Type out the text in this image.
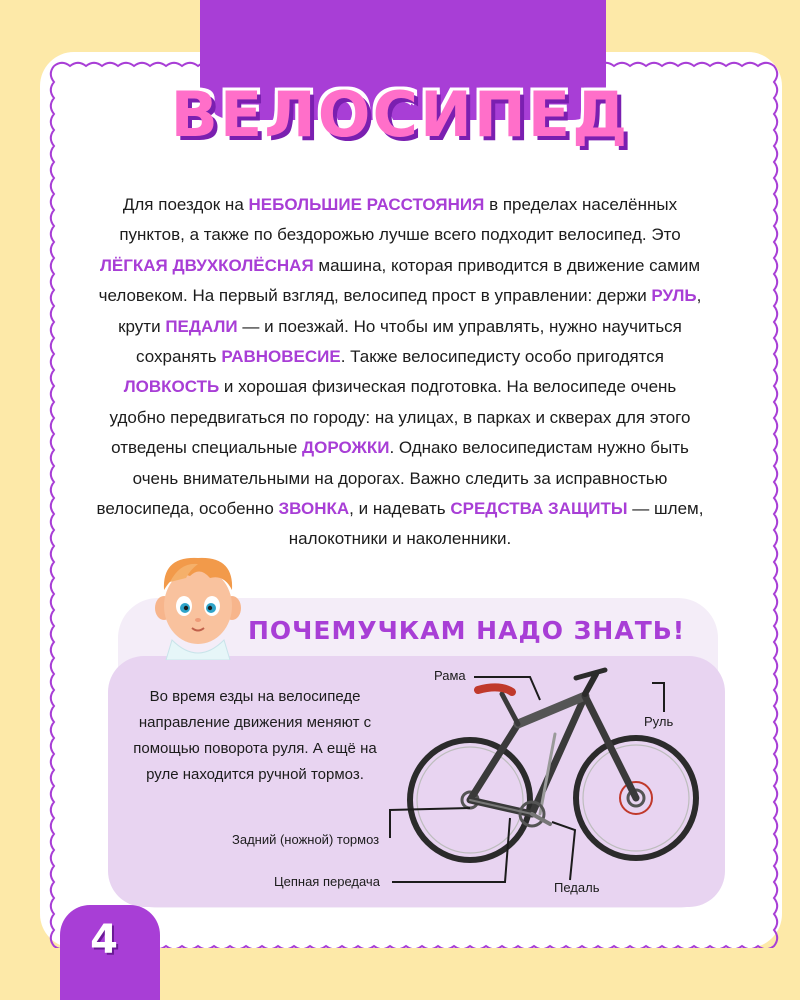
ВЕЛОСИПЕД
Для поездок на НЕБОЛЬШИЕ РАССТОЯНИЯ в пределах населённых пунктов, а также по бездорожью лучше всего подходит велосипед. Это ЛЁГКАЯ ДВУХКОЛЁСНАЯ машина, которая приводится в движение самим человеком. На первый взгляд, велосипед прост в управлении: держи РУЛЬ, крути ПЕДАЛИ — и поезжай. Но чтобы им управлять, нужно научиться сохранять РАВНОВЕСИЕ. Также велосипедисту особо пригодятся ЛОВКОСТЬ и хорошая физическая подготовка. На велосипеде очень удобно передвигаться по городу: на улицах, в парках и скверах для этого отведены специальные ДОРОЖКИ. Однако велосипедистам нужно быть очень внимательными на дорогах. Важно следить за исправностью велосипеда, особенно ЗВОНКА, и надевать СРЕДСТВА ЗАЩИТЫ — шлем, налокотники и наколенники.
ПОЧЕМУЧКАМ НАДО ЗНАТЬ!
Во время езды на велосипеде направление движения меняют с помощью поворота руля. А ещё на руле находится ручной тормоз.
Рама
Руль
Задний (ножной) тормоз
Цепная передача	Педаль
4
